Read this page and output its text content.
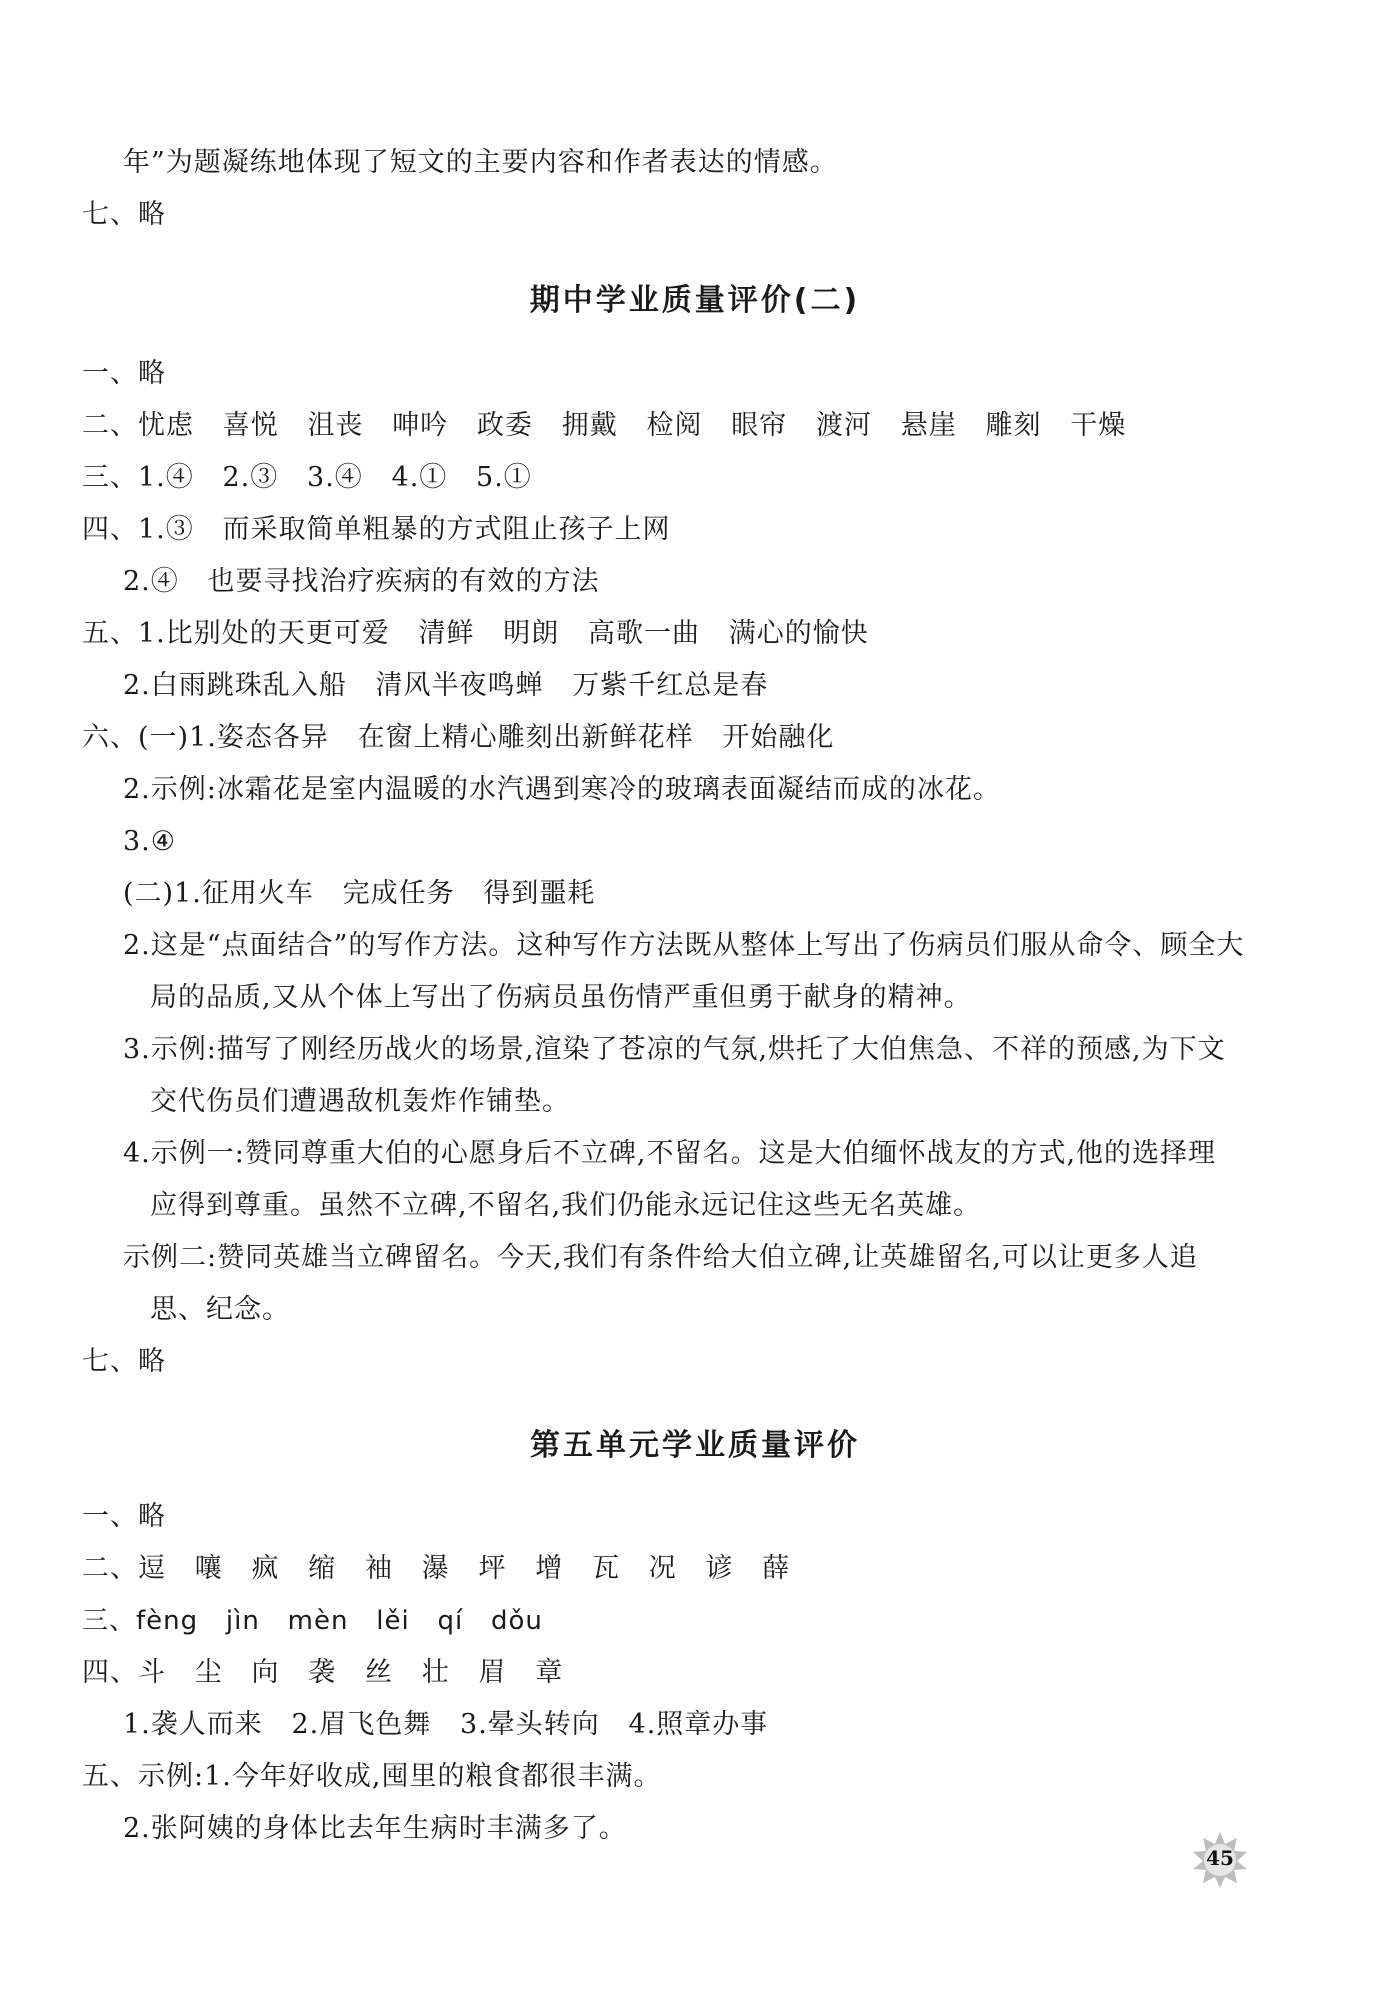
年”为题凝练地体现了短文的主要内容和作者表达的情感。
七、略
期中学业质量评价(二)
一、略
二、忧虑   喜悦   沮丧   呻吟   政委   拥戴   检阅   眼帘   渡河   悬崖   雕刻   干燥
三、1.④   2.③   3.④   4.①   5.①
四、1.③   而采取简单粗暴的方式阻止孩子上网
2.④   也要寻找治疗疾病的有效的方法
五、1.比别处的天更可爱   清鲜   明朗   高歌一曲   满心的愉快
2.白雨跳珠乱入船   清风半夜鸣蝉   万紫千红总是春
六、(一)1.姿态各异   在窗上精心雕刻出新鲜花样   开始融化
2.示例:冰霜花是室内温暖的水汽遇到寒冷的玻璃表面凝结而成的冰花。
3.④
(二)1.征用火车   完成任务   得到噩耗
2.这是“点面结合”的写作方法。这种写作方法既从整体上写出了伤病员们服从命令、顾全大
局的品质,又从个体上写出了伤病员虽伤情严重但勇于献身的精神。
3.示例:描写了刚经历战火的场景,渲染了苍凉的气氛,烘托了大伯焦急、不祥的预感,为下文
交代伤员们遭遇敌机轰炸作铺垫。
4.示例一:赞同尊重大伯的心愿身后不立碑,不留名。这是大伯缅怀战友的方式,他的选择理
应得到尊重。虽然不立碑,不留名,我们仍能永远记住这些无名英雄。
示例二:赞同英雄当立碑留名。今天,我们有条件给大伯立碑,让英雄留名,可以让更多人追
思、纪念。
七、略
第五单元学业质量评价
一、略
二、逗   嚷   疯   缩   袖   瀑   坪   增   瓦   况   谚   薛
三、fèng   jìn   mèn   lěi   qí   dǒu
四、斗   尘   向   袭   丝   壮   眉   章
1.袭人而来   2.眉飞色舞   3.晕头转向   4.照章办事
五、示例:1.今年好收成,囤里的粮食都很丰满。
2.张阿姨的身体比去年生病时丰满多了。
45
